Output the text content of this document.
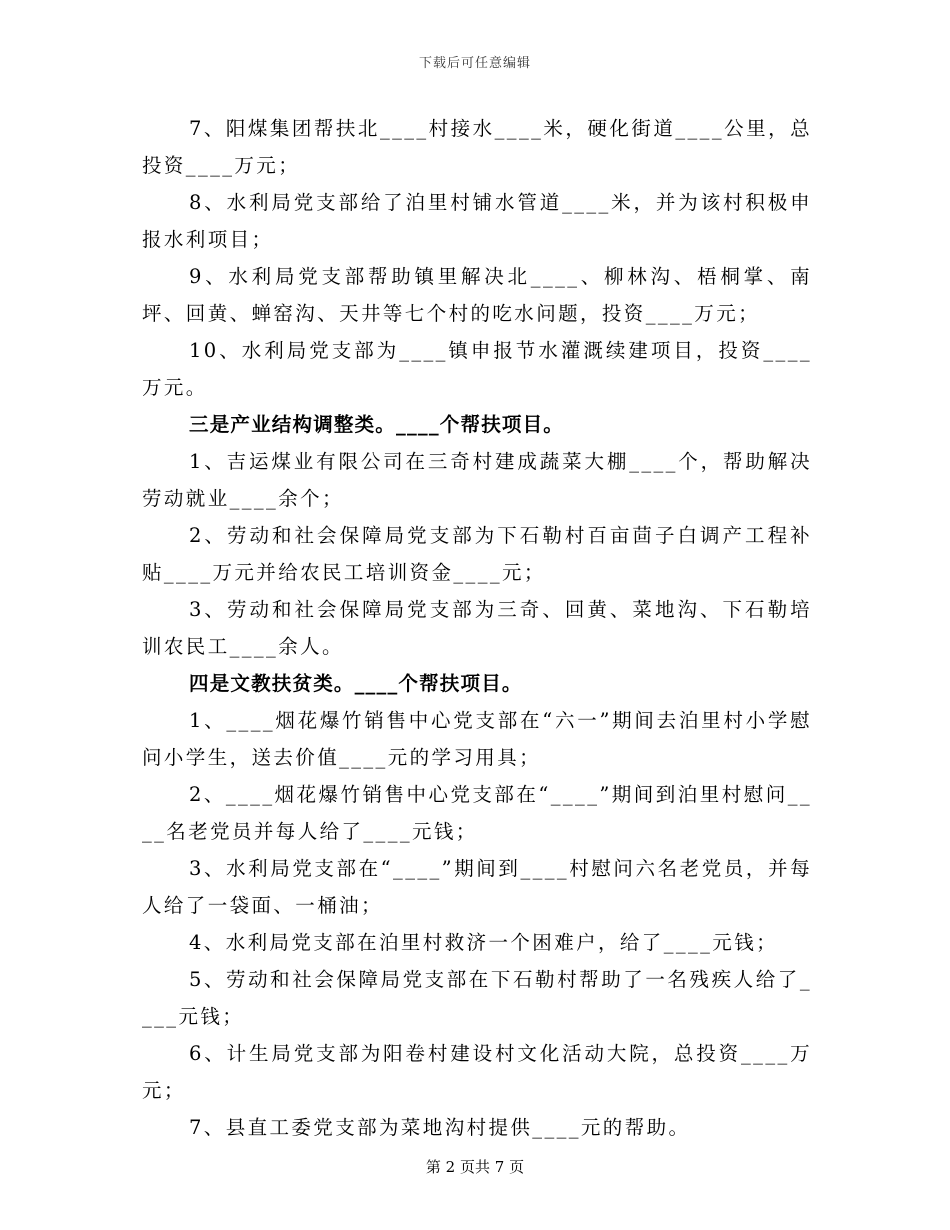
下载后可任意编辑

7、阳煤集团帮扶北____村接水____米，硬化街道____公里，总投资____万元；

8、水利局党支部给了泊里村铺水管道____米，并为该村积极申报水利项目；

9、水利局党支部帮助镇里解决北____、柳林沟、梧桐掌、南坪、回黄、蝉窑沟、天井等七个村的吃水问题，投资____万元；

10、水利局党支部为____镇申报节水灌溉续建项目，投资____万元。

三是产业结构调整类。____个帮扶项目。

1、吉运煤业有限公司在三奇村建成蔬菜大棚____个，帮助解决劳动就业____余个；

2、劳动和社会保障局党支部为下石勒村百亩茴子白调产工程补贴____万元并给农民工培训资金____元；

3、劳动和社会保障局党支部为三奇、回黄、菜地沟、下石勒培训农民工____余人。

四是文教扶贫类。____个帮扶项目。

1、____烟花爆竹销售中心党支部在“六一”期间去泊里村小学慰问小学生，送去价值____元的学习用具；

2、____烟花爆竹销售中心党支部在“____”期间到泊里村慰问____名老党员并每人给了____元钱；

3、水利局党支部在“____”期间到____村慰问六名老党员，并每人给了一袋面、一桶油；

4、水利局党支部在泊里村救济一个困难户，给了____元钱；

5、劳动和社会保障局党支部在下石勒村帮助了一名残疾人给了____元钱；

6、计生局党支部为阳卷村建设村文化活动大院，总投资____万元；

7、县直工委党支部为菜地沟村提供____元的帮助。

第 2 页共 7 页
